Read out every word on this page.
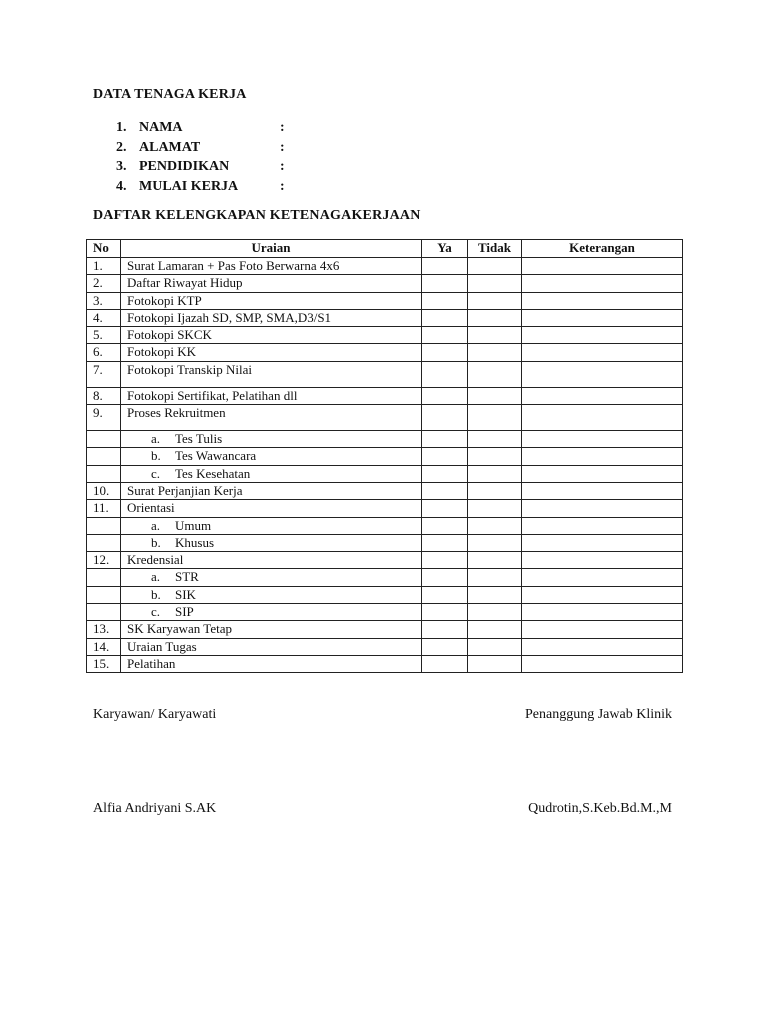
DATA TENAGA KERJA
1. NAMA	:
2. ALAMAT	:
3. PENDIDIKAN	:
4. MULAI KERJA	:
DAFTAR KELENGKAPAN KETENAGAKERJAAN
No	Uraian	Ya	Tidak	Keterangan
1.	Surat Lamaran + Pas Foto Berwarna 4x6			
2.	Daftar Riwayat Hidup			
3.	Fotokopi KTP			
4.	Fotokopi Ijazah SD, SMP, SMA,D3/S1			
5.	Fotokopi SKCK			
6.	Fotokopi KK			
7.	Fotokopi Transkip Nilai			
8.	Fotokopi Sertifikat, Pelatihan dll			
9.	Proses Rekruitmen			

	a. Tes Tulis			

	b. Tes Wawancara			

	c. Tes Kesehatan			

10.	Surat Perjanjian Kerja			
11.	Orientasi			

	a. Umum			

	b. Khusus			

12.	Kredensial			

	a. STR			

	b. SIK			

	c. SIP			

13.	SK Karyawan Tetap			
14.	Uraian Tugas			
15.	Pelatihan			
Karyawan/ Karyawati	Penanggung Jawab Klinik
Alfia Andriyani S.AK	Qudrotin,S.Keb.Bd.M.,M
